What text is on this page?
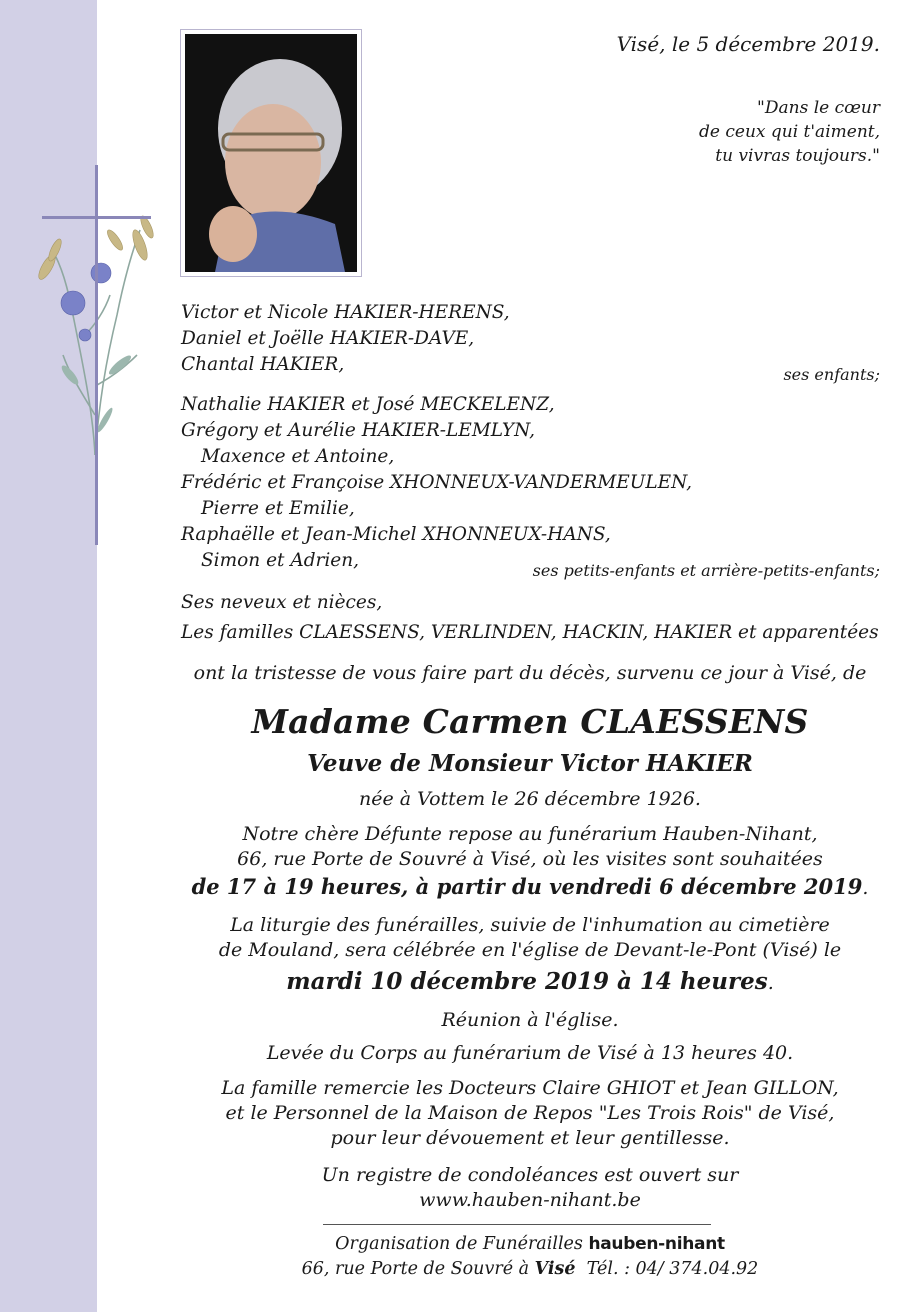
Visé, le 5 décembre 2019.
"Dans le cœur
de ceux qui t'aiment,
tu vivras toujours."
Victor et Nicole HAKIER-HERENS,
Daniel et Joëlle HAKIER-DAVE,
Chantal HAKIER,	ses enfants;
Nathalie HAKIER et José MECKELENZ,
Grégory et Aurélie HAKIER-LEMLYN,
Maxence et Antoine,
Frédéric et Françoise XHONNEUX-VANDERMEULEN,
Pierre et Emilie,
Raphaëlle et Jean-Michel XHONNEUX-HANS,
Simon et Adrien,	ses petits-enfants et arrière-petits-enfants;
Ses neveux et nièces,
Les familles CLAESSENS, VERLINDEN, HACKIN, HAKIER et apparentées
ont la tristesse de vous faire part du décès, survenu ce jour à Visé, de
Madame Carmen CLAESSENS
Veuve de Monsieur Victor HAKIER
née à Vottem le 26 décembre 1926.
Notre chère Défunte repose au funérarium Hauben-Nihant,
66, rue Porte de Souvré à Visé, où les visites sont souhaitées
de 17 à 19 heures, à partir du vendredi 6 décembre 2019.
La liturgie des funérailles, suivie de l'inhumation au cimetière
de Mouland, sera célébrée en l'église de Devant-le-Pont (Visé) le
mardi 10 décembre 2019 à 14 heures.
Réunion à l'église.
Levée du Corps au funérarium de Visé à 13 heures 40.
La famille remercie les Docteurs Claire GHIOT et Jean GILLON,
et le Personnel de la Maison de Repos "Les Trois Rois" de Visé,
pour leur dévouement et leur gentillesse.
Un registre de condoléances est ouvert sur
www.hauben-nihant.be
Organisation de Funérailles hauben-nihant
66, rue Porte de Souvré à Visé Tél. : 04/ 374.04.92
